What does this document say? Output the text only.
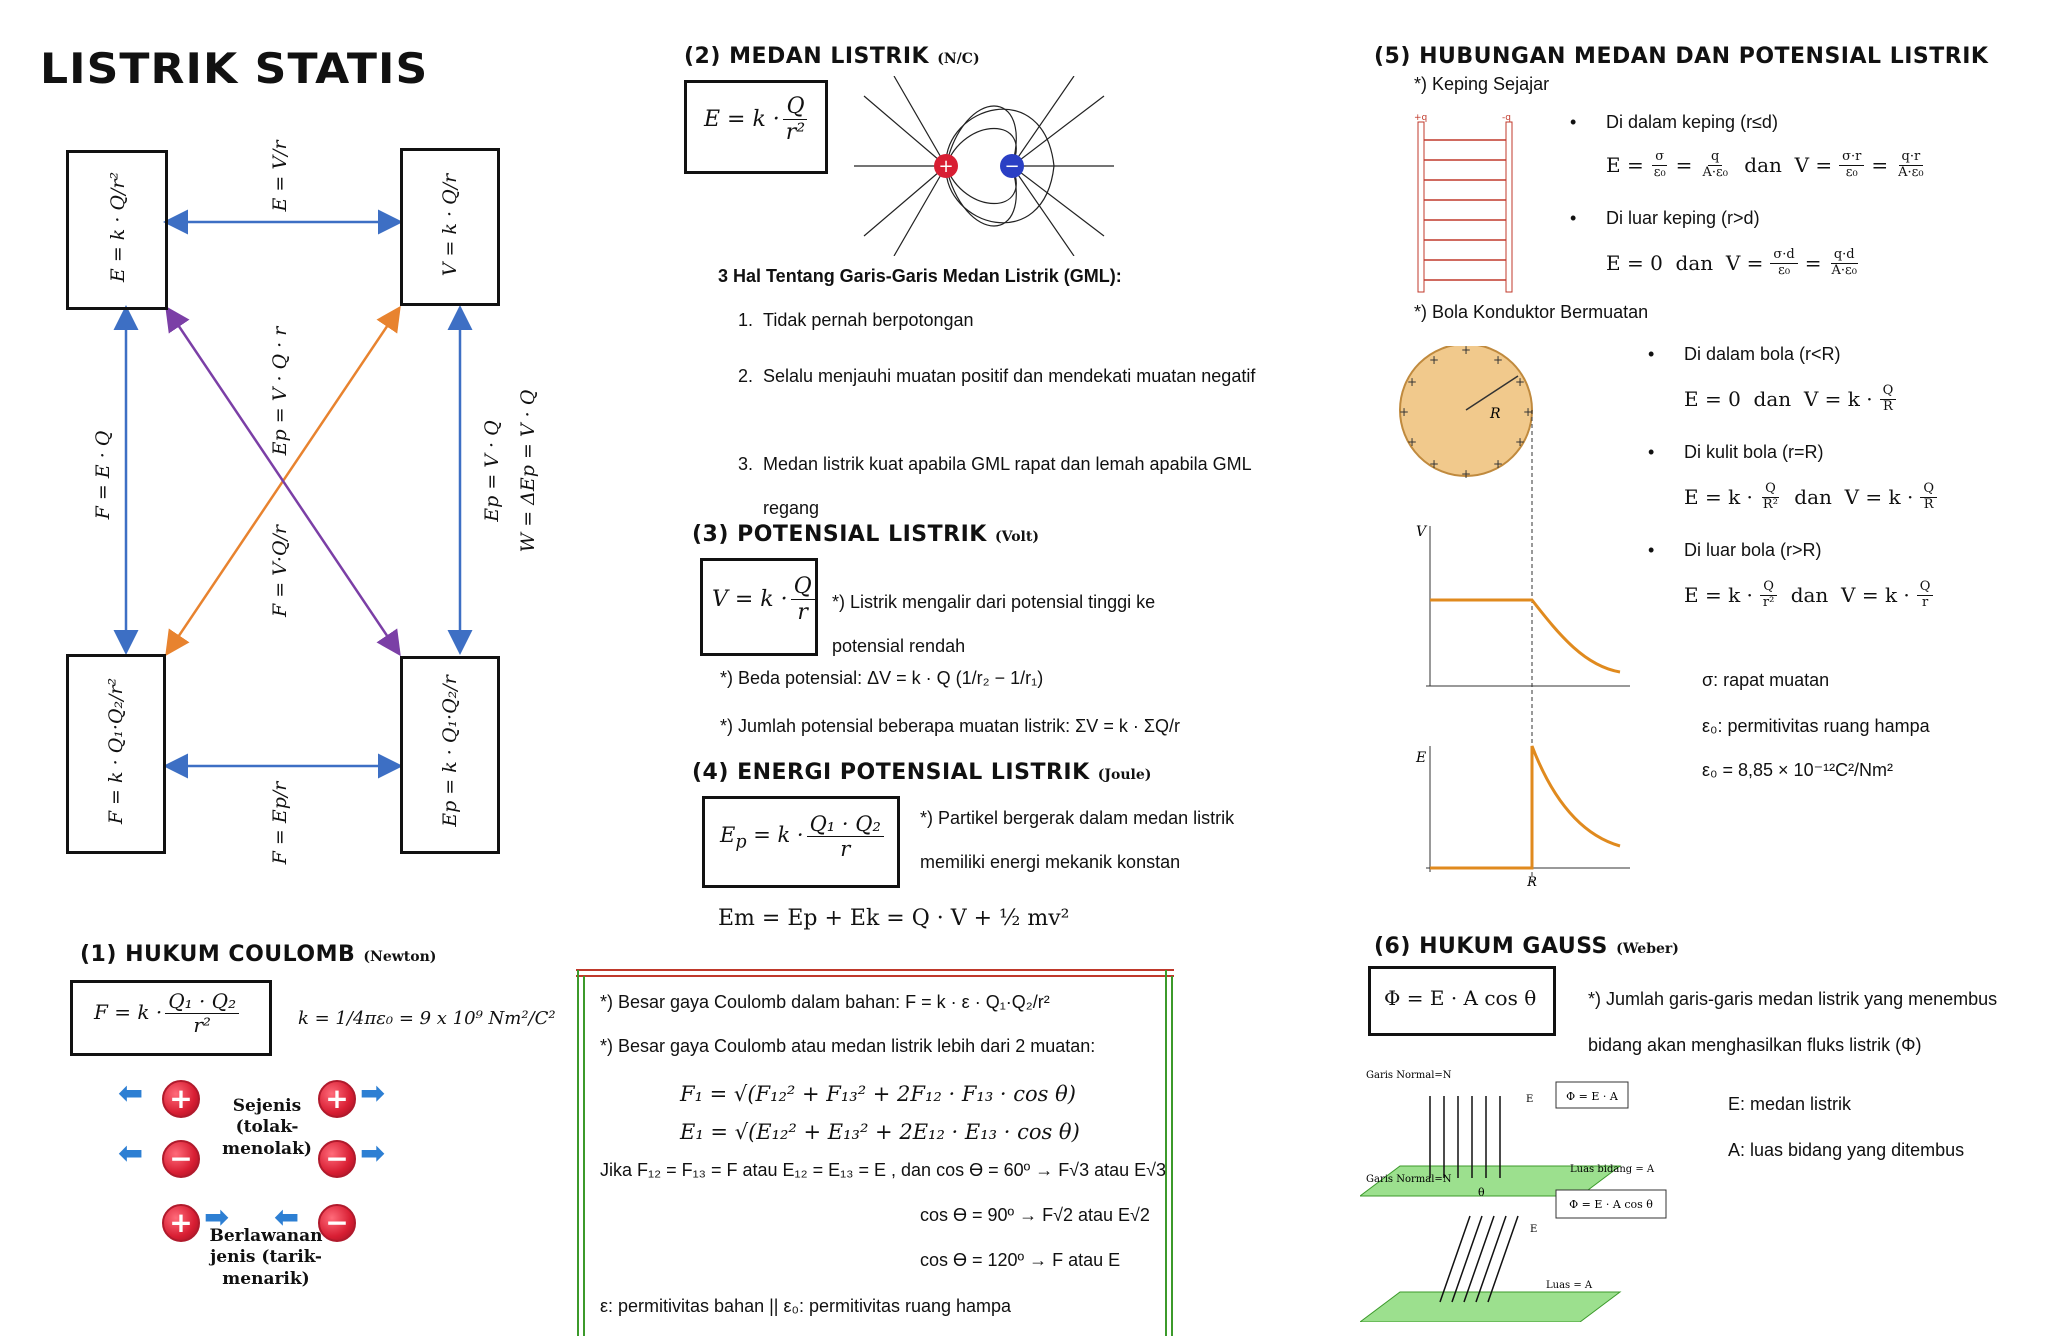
LISTRIK STATIS
E = k · Q/r²	V = k · Q/r
F = k · Q₁·Q₂/r²	Ep = k · Q₁·Q₂/r
E = V/r
F = E · Q
F = Ep/r
Ep = V · Q W = ΔEp = V · Q
Ep = V · Q · r
F = V·Q/r
(1) HUKUM COULOMB (Newton)
$F = k \cdot \frac{\text{Q₁ · Q₂}}{\text{r²}}$	k = 1/4πε₀ = 9 x 10⁹ Nm²/C²
⬅ +	+ ➡
⬅ −	− ➡
Sejenis (tolak-menolak)
+ ➡ ⬅ −
Berlawanan jenis (tarik-menarik)
(2) MEDAN LISTRIK (N/C)
$E = k \cdot \frac{Q}{\text{r²}}$
+	−
3 Hal Tentang Garis-Garis Medan Listrik (GML):
1.  Tidak pernah berpotongan
2. Selalu menjauhi muatan positif dan mendekati muatan negatif
3. Medan listrik kuat apabila GML rapat dan lemah apabila GML regang
(3) POTENSIAL LISTRIK (Volt)
$V = k \cdot \frac{Q}{r}$ *) Listrik mengalir dari potensial tinggi ke potensial rendah
*) Beda potensial: ΔV = k · Q (1/r₂ − 1/r₁)
*) Jumlah potensial beberapa muatan listrik: ΣV = k · ΣQ/r
(4) ENERGI POTENSIAL LISTRIK (Joule)
$E_p = k \cdot \frac{\text{Q₁ · Q₂}}{r}$ *) Partikel bergerak dalam medan listrik memiliki energi mekanik konstan
Em = Ep + Ek = Q · V + ½ mv²
*) Besar gaya Coulomb dalam bahan: F = k · ε · Q₁·Q₂/r²
*) Besar gaya Coulomb atau medan listrik lebih dari 2 muatan:
F₁ = √(F₁₂² + F₁₃² + 2F₁₂ · F₁₃ · cos θ)
E₁ = √(E₁₂² + E₁₃² + 2E₁₂ · E₁₃ · cos θ)
Jika F₁₂ = F₁₃ = F atau E₁₂ = E₁₃ = E , dan cos ϴ = 60º → F√3 atau E√3
cos ϴ = 90º → F√2 atau E√2
cos ϴ = 120º → F atau E
ε: permitivitas bahan || ε₀: permitivitas ruang hampa
(5) HUBUNGAN MEDAN DAN POTENSIAL LISTRIK
*) Keping Sejajar
+q	-q
•	Di dalam keping (r≤d)
$E = \frac{\sigma}{\text{ε₀}} = \frac{q}{\text{A·ε₀}}$ dan  $V = \frac{\sigma\cdot r}{\text{ε₀}} = \frac{q\cdot r}{\text{A·ε₀}}$
• Di luar keping (r>d)
E = 0  dan  $V = \frac{\sigma\cdot d}{\text{ε₀}} = \frac{q\cdot d}{\text{A·ε₀}}$
*) Bola Konduktor Bermuatan
+
+	+
+	+
+	+
+	+
+	+
+
R
V
E
R
• Di dalam bola (r<R)
E = 0  dan  $V = k \cdot \frac{Q}{R}$
• Di kulit bola (r=R)
$E = k \cdot \frac{Q}{\text{R²}}$ dan  $V = k \cdot \frac{Q}{R}$
• Di luar bola (r>R)
$E = k \cdot \frac{Q}{\text{r²}}$ dan  $V = k \cdot \frac{Q}{r}$
σ: rapat muatan
ε₀: permitivitas ruang hampa
ε₀ = 8,85 × 10⁻¹²C²/Nm²
(6) HUKUM GAUSS (Weber)
Φ = E · A cos θ	*) Jumlah garis-garis medan listrik yang menembus bidang akan menghasilkan fluks listrik (Φ)
Garis Normal=N
Garis Normal=N
E
E
Luas bidang = A
Luas = A
θ
Φ = E · A
Φ = E · A cos θ
E: medan listrik
A: luas bidang yang ditembus
